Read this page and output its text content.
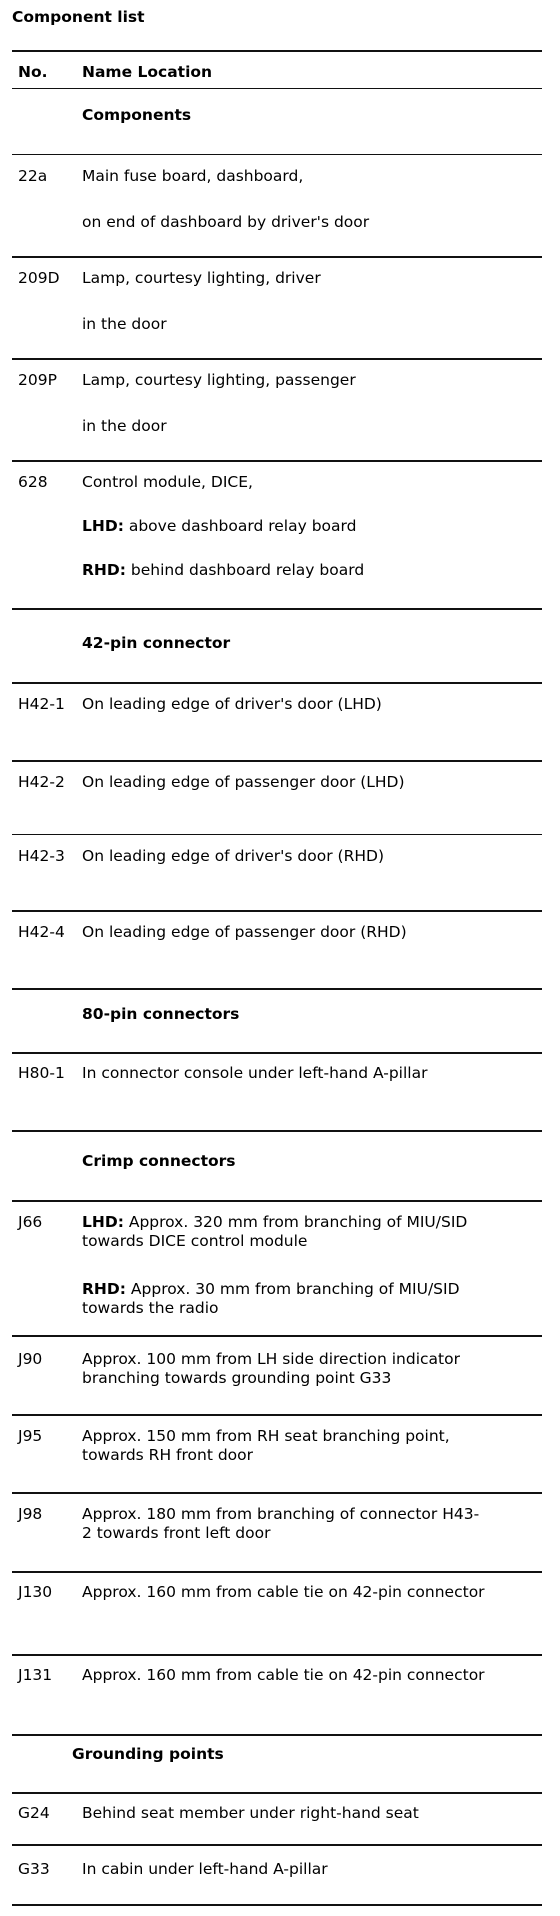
Component list
No.	Name Location
Components
22a	Main fuse board, dashboard,
on end of dashboard by driver's door
209D	Lamp, courtesy lighting, driver
in the door
209P	Lamp, courtesy lighting, passenger
in the door
628	Control module, DICE,
LHD: above dashboard relay board
RHD: behind dashboard relay board
42-pin connector
H42-1	On leading edge of driver's door (LHD)
H42-2	On leading edge of passenger door (LHD)
H42-3	On leading edge of driver's door (RHD)
H42-4	On leading edge of passenger door (RHD)
80-pin connectors
H80-1	In connector console under left-hand A-pillar
Crimp connectors
J66	LHD: Approx. 320 mm from branching of MIU/SID
towards DICE control module
RHD: Approx. 30 mm from branching of MIU/SID
towards the radio
J90	Approx. 100 mm from LH side direction indicator
branching towards grounding point G33
J95	Approx. 150 mm from RH seat branching point,
towards RH front door
J98	Approx. 180 mm from branching of connector H43-
2 towards front left door
J130	Approx. 160 mm from cable tie on 42-pin connector
J131	Approx. 160 mm from cable tie on 42-pin connector
Grounding points
G24	Behind seat member under right-hand seat
G33	In cabin under left-hand A-pillar
